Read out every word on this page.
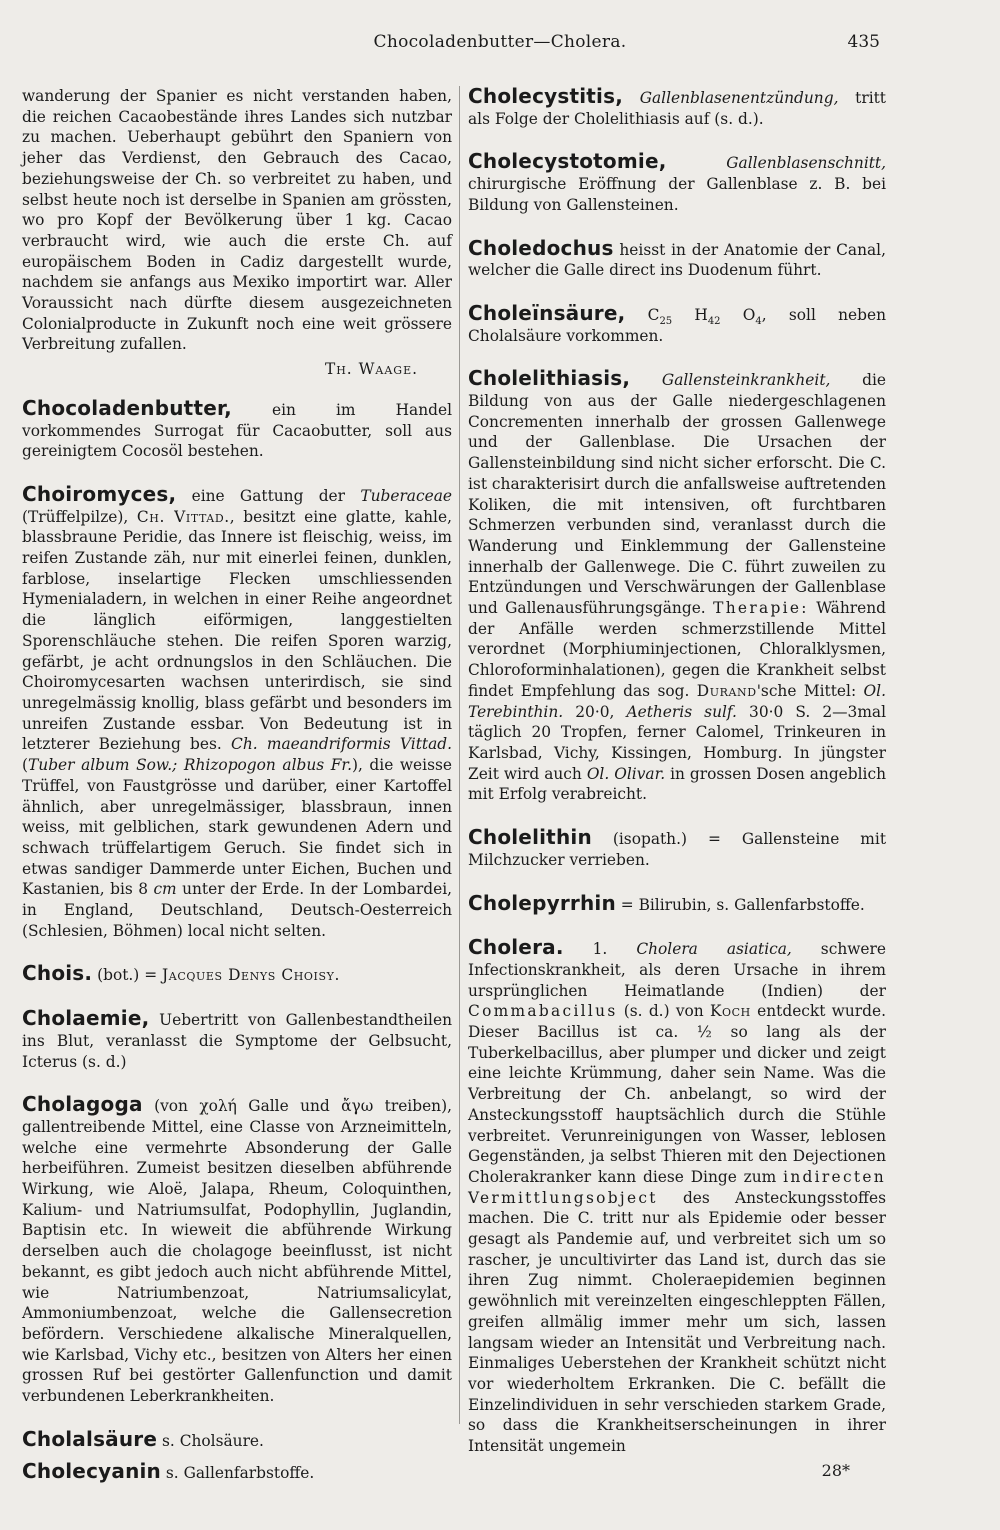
Chocoladenbutter—Cholera.	435

wanderung der Spanier es nicht verstanden haben, die reichen Cacaobestände ihres Landes sich nutzbar zu machen. Ueberhaupt gebührt den Spaniern von jeher das Verdienst, den Gebrauch des Cacao, beziehungsweise der Ch. so verbreitet zu haben, und selbst heute noch ist derselbe in Spanien am grössten, wo pro Kopf der Bevölkerung über 1 kg. Cacao verbraucht wird, wie auch die erste Ch. auf europäischem Boden in Cadiz dargestellt wurde, nachdem sie anfangs aus Mexiko importirt war. Aller Voraussicht nach dürfte diesem ausgezeichneten Colonialproducte in Zukunft noch eine weit grössere Verbreitung zufallen.

Th. Waage.

Chocoladenbutter, ein im Handel vorkommendes Surrogat für Cacaobutter, soll aus gereinigtem Cocosöl bestehen.

Choiromyces, eine Gattung der Tuberaceae (Trüffelpilze), Ch. Vittad., besitzt eine glatte, kahle, blassbraune Peridie, das Innere ist fleischig, weiss, im reifen Zustande zäh, nur mit einerlei feinen, dunklen, farblose, inselartige Flecken umschliessenden Hymenialadern, in welchen in einer Reihe angeordnet die länglich eiförmigen, langgestielten Sporenschläuche stehen. Die reifen Sporen warzig, gefärbt, je acht ordnungslos in den Schläuchen. Die Choiromycesarten wachsen unterirdisch, sie sind unregelmässig knollig, blass gefärbt und besonders im unreifen Zustande essbar. Von Bedeutung ist in letzterer Beziehung bes. Ch. maeandriformis Vittad. (Tuber album Sow.; Rhizopogon albus Fr.), die weisse Trüffel, von Faustgrösse und darüber, einer Kartoffel ähnlich, aber unregelmässiger, blassbraun, innen weiss, mit gelblichen, stark gewundenen Adern und schwach trüffelartigem Geruch. Sie findet sich in etwas sandiger Dammerde unter Eichen, Buchen und Kastanien, bis 8 cm unter der Erde. In der Lombardei, in England, Deutschland, Deutsch-Oesterreich (Schlesien, Böhmen) local nicht selten.

Chois. (bot.) = Jacques Denys Choisy.

Cholaemie, Uebertritt von Gallenbestandtheilen ins Blut, veranlasst die Symptome der Gelbsucht, Icterus (s. d.)

Cholagoga (von χολή Galle und ἄγω treiben), gallentreibende Mittel, eine Classe von Arzneimitteln, welche eine vermehrte Absonderung der Galle herbeiführen. Zumeist besitzen dieselben abführende Wirkung, wie Aloë, Jalapa, Rheum, Coloquinthen, Kalium- und Natriumsulfat, Podophyllin, Juglandin, Baptisin etc. In wieweit die abführende Wirkung derselben auch die cholagoge beeinflusst, ist nicht bekannt, es gibt jedoch auch nicht abführende Mittel, wie Natriumbenzoat, Natriumsalicylat, Ammoniumbenzoat, welche die Gallensecretion befördern. Verschiedene alkalische Mineralquellen, wie Karlsbad, Vichy etc., besitzen von Alters her einen grossen Ruf bei gestörter Gallenfunction und damit verbundenen Leberkrankheiten.

Cholalsäure s. Cholsäure.

Cholecyanin s. Gallenfarbstoffe.

Cholecystitis, Gallenblasenentzündung, tritt als Folge der Cholelithiasis auf (s. d.).

Cholecystotomie, Gallenblasenschnitt, chirurgische Eröffnung der Gallenblase z. B. bei Bildung von Gallensteinen.

Choledochus heisst in der Anatomie der Canal, welcher die Galle direct ins Duodenum führt.

Choleïnsäure, $C_{25}$ $H_{42}$ $O_4$, soll neben Cholalsäure vorkommen.

Cholelithiasis, Gallensteinkrankheit, die Bildung von aus der Galle niedergeschlagenen Concrementen innerhalb der grossen Gallenwege und der Gallenblase. Die Ursachen der Gallensteinbildung sind nicht sicher erforscht. Die C. ist charakterisirt durch die anfallsweise auftretenden Koliken, die mit intensiven, oft furchtbaren Schmerzen verbunden sind, veranlasst durch die Wanderung und Einklemmung der Gallensteine innerhalb der Gallenwege. Die C. führt zuweilen zu Entzündungen und Verschwärungen der Gallenblase und Gallenausführungsgänge. Therapie: Während der Anfälle werden schmerzstillende Mittel verordnet (Morphiuminjectionen, Chloralklysmen, Chloroforminhalationen), gegen die Krankheit selbst findet Empfehlung das sog. Durand'sche Mittel: Ol. Terebinthin. 20·0, Aetheris sulf. 30·0 S. 2—3mal täglich 20 Tropfen, ferner Calomel, Trinkeuren in Karlsbad, Vichy, Kissingen, Homburg. In jüngster Zeit wird auch Ol. Olivar. in grossen Dosen angeblich mit Erfolg verabreicht.

Cholelithin (isopath.) = Gallensteine mit Milchzucker verrieben.

Cholepyrrhin = Bilirubin, s. Gallenfarbstoffe.

Cholera. 1. Cholera asiatica, schwere Infectionskrankheit, als deren Ursache in ihrem ursprünglichen Heimatlande (Indien) der Commabacillus (s. d.) von Koch entdeckt wurde. Dieser Bacillus ist ca. ½ so lang als der Tuberkelbacillus, aber plumper und dicker und zeigt eine leichte Krümmung, daher sein Name. Was die Verbreitung der Ch. anbelangt, so wird der Ansteckungsstoff hauptsächlich durch die Stühle verbreitet. Verunreinigungen von Wasser, leblosen Gegenständen, ja selbst Thieren mit den Dejectionen Cholerakranker kann diese Dinge zum indirecten Vermittlungsobject des Ansteckungsstoffes machen. Die C. tritt nur als Epidemie oder besser gesagt als Pandemie auf, und verbreitet sich um so rascher, je uncultivirter das Land ist, durch das sie ihren Zug nimmt. Choleraepidemien beginnen gewöhnlich mit vereinzelten eingeschleppten Fällen, greifen allmälig immer mehr um sich, lassen langsam wieder an Intensität und Verbreitung nach. Einmaliges Ueberstehen der Krankheit schützt nicht vor wiederholtem Erkranken. Die C. befällt die Einzelindividuen in sehr verschieden starkem Grade, so dass die Krankheitserscheinungen in ihrer Intensität ungemein

28*
